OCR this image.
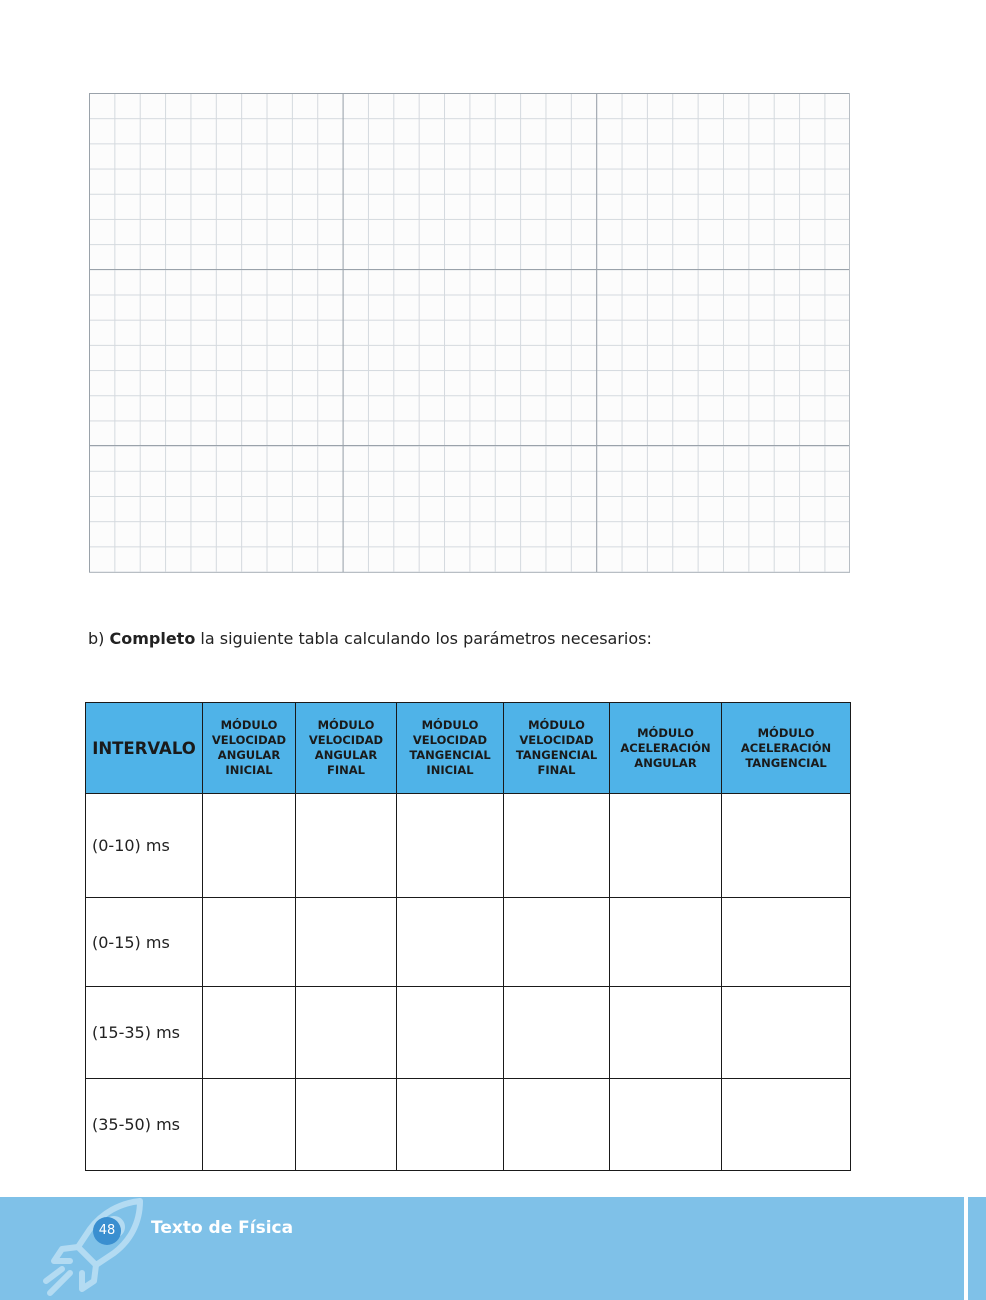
b) Completo la siguiente tabla calculando los parámetros necesarios:

INTERVALO	MÓDULO VELOCIDAD ANGULAR INICIAL	MÓDULO VELOCIDAD ANGULAR FINAL	MÓDULO VELOCIDAD TANGENCIAL INICIAL	MÓDULO VELOCIDAD TANGENCIAL FINAL	MÓDULO ACELERACIÓN ANGULAR	MÓDULO ACELERACIÓN TANGENCIAL
(0-10) ms						
(0-15) ms						
(15-35) ms						
(35-50) ms						
48	Texto de Física
